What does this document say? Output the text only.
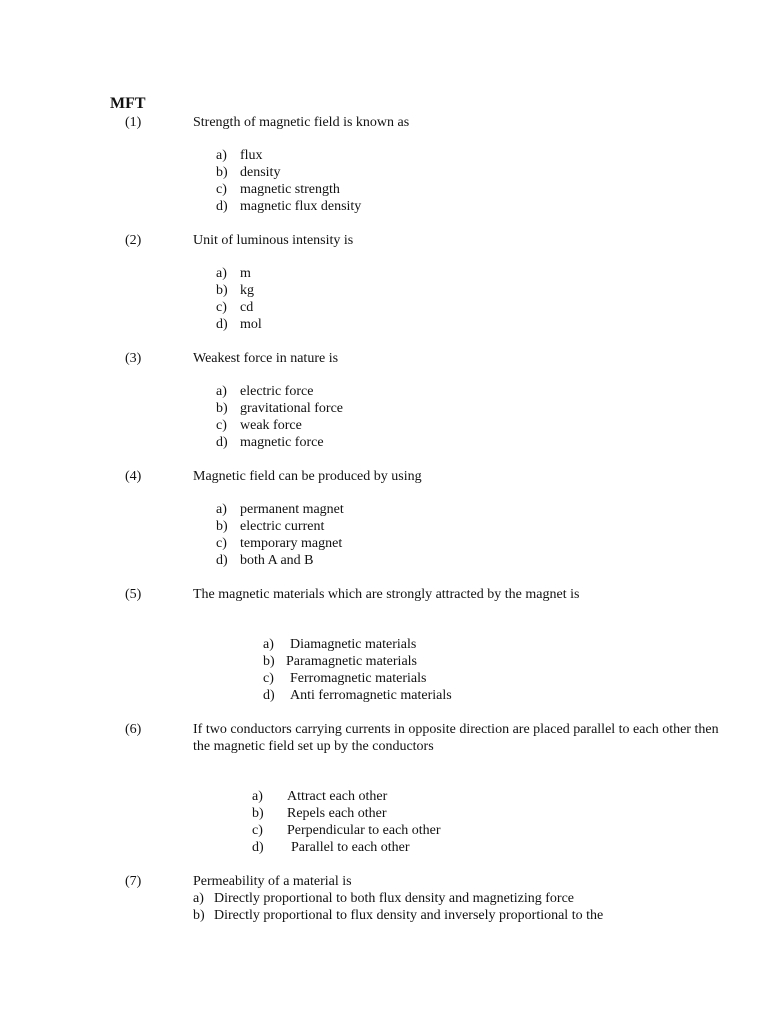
MFT
(1)	Strength of magnetic field is known as
a) flux
b) density
c) magnetic strength
d) magnetic flux density
(2)	Unit of luminous intensity is
a) m
b) kg
c) cd
d) mol
(3)	Weakest force in nature is
a) electric force
b) gravitational force
c) weak force
d) magnetic force
(4)	Magnetic field can be produced by using
a) permanent magnet
b) electric current
c) temporary magnet
d) both A and B
(5)	The magnetic materials which are strongly attracted by the magnet is
a) Diamagnetic materials
b) Paramagnetic materials
c) Ferromagnetic materials
d) Anti ferromagnetic materials
(6)	If two conductors carrying currents in opposite direction are placed parallel to each other then the magnetic field set up by the conductors
a) Attract each other
b) Repels each other
c) Perpendicular to each other
d) Parallel to each other
(7)	Permeability of a material is
a) Directly proportional to both flux density and magnetizing force
b) Directly proportional to flux density and inversely proportional to the
